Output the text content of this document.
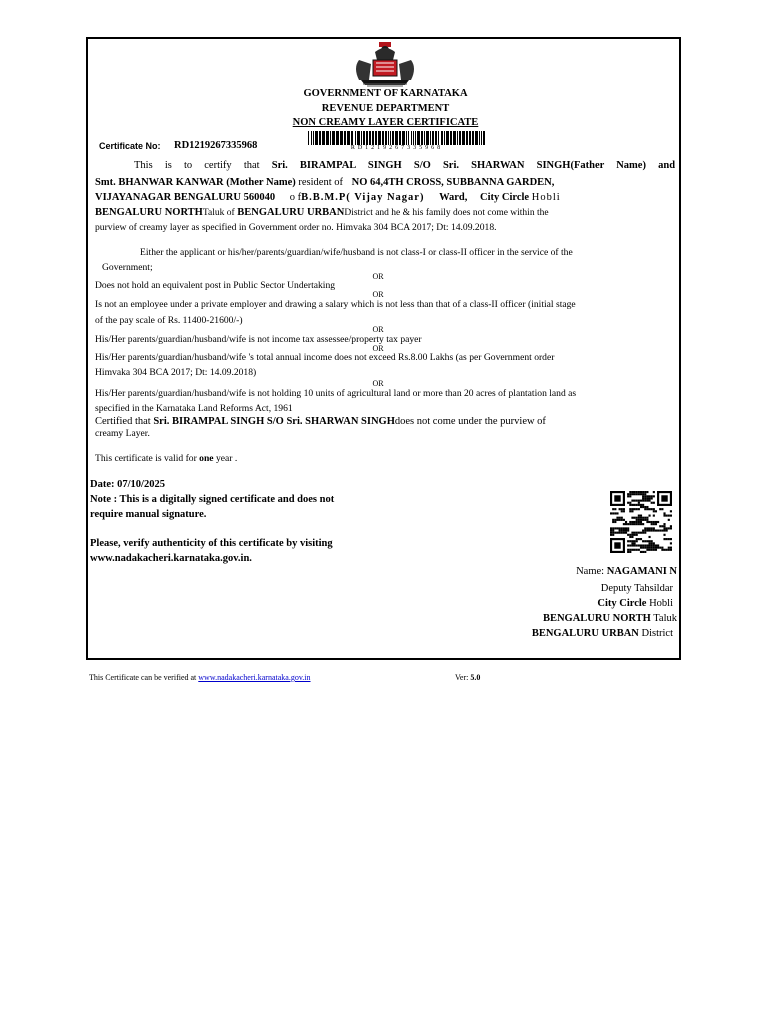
GOVERNMENT OF KARNATAKA
REVENUE DEPARTMENT
NON CREAMY LAYER CERTIFICATE
Certificate No: RD1219267335968	RD1219267335968
This is to certify that Sri. BIRAMPAL SINGH S/O Sri. SHARWAN SINGH(Father Name) and
Smt. BHANWAR KANWAR (Mother Name) resident of NO 64,4TH CROSS, SUBBANNA GARDEN,
VIJAYANAGAR BENGALURU 560040 o fB.B.M.P( Vijay Nagar) Ward, City Circle Hobli
BENGALURU NORTHTaluk of BENGALURU URBANDistrict and he & his family does not come within the
purview of creamy layer as specified in Government order no. Himvaka 304 BCA 2017; Dt: 14.09.2018.
Either the applicant or his/her/parents/guardian/wife/husband is not class-I or class-II officer in the service of the
Government;
OR
Does not hold an equivalent post in Public Sector Undertaking
OR
Is not an employee under a private employer and drawing a salary which is not less than that of a class-II officer (initial stage
of the pay scale of Rs. 11400-21600/-)
OR
His/Her parents/guardian/husband/wife is not income tax assessee/property tax payer
OR
His/Her parents/guardian/husband/wife 's total annual income does not exceed Rs.8.00 Lakhs (as per Government order
Himvaka 304 BCA 2017; Dt: 14.09.2018)
OR
His/Her parents/guardian/husband/wife is not holding 10 units of agricultural land or more than 20 acres of plantation land as
specified in the Karnataka Land Reforms Act, 1961
Certified that Sri. BIRAMPAL SINGH S/O Sri. SHARWAN SINGHdoes not come under the purview of
creamy Layer.
This certificate is valid for one year .
Date: 07/10/2025
Note : This is a digitally signed certificate and does not
require manual signature.
Please, verify authenticity of this certificate by visiting
www.nadakacheri.karnataka.gov.in.
Name: NAGAMANI N
Deputy Tahsildar
City Circle Hobli
BENGALURU NORTH Taluk
BENGALURU URBAN District
This Certificate can be verified at www.nadakacheri.karnataka.gov.in	Ver: 5.0
